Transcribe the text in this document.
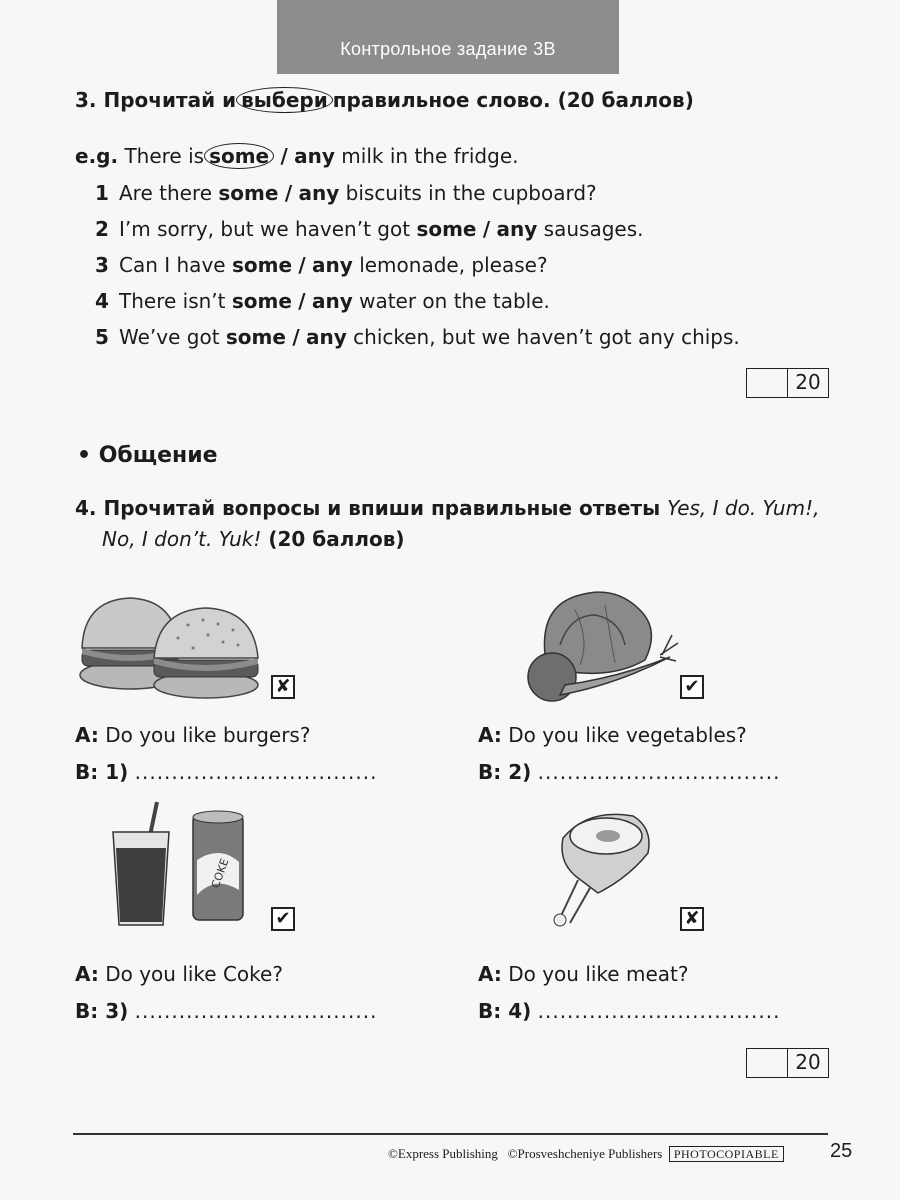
Контрольное задание 3В
3. Прочитай и выбери правильное слово. (20 баллов)
e.g. There is some / any milk in the fridge.
1 Are there some / any biscuits in the cupboard?
2 I’m sorry, but we haven’t got some / any sausages.
3 Can I have some / any lemonade, please?
4 There isn’t some / any water on the table.
5 We’ve got some / any chicken, but we haven’t got any chips.
20
• Общение
4. Прочитай вопросы и впиши правильные ответы Yes, I do. Yum!,
No, I don’t. Yuk! (20 баллов)
✘	✔
A: Do you like burgers?
B: 1) .................................
A: Do you like vegetables?
B: 2) .................................
COKE
✔	✘
A: Do you like Coke?
B: 3) .................................
A: Do you like meat?
B: 4) .................................
20
©Express Publishing ©Prosveshcheniye Publishers PHOTOCOPIABLE	25
